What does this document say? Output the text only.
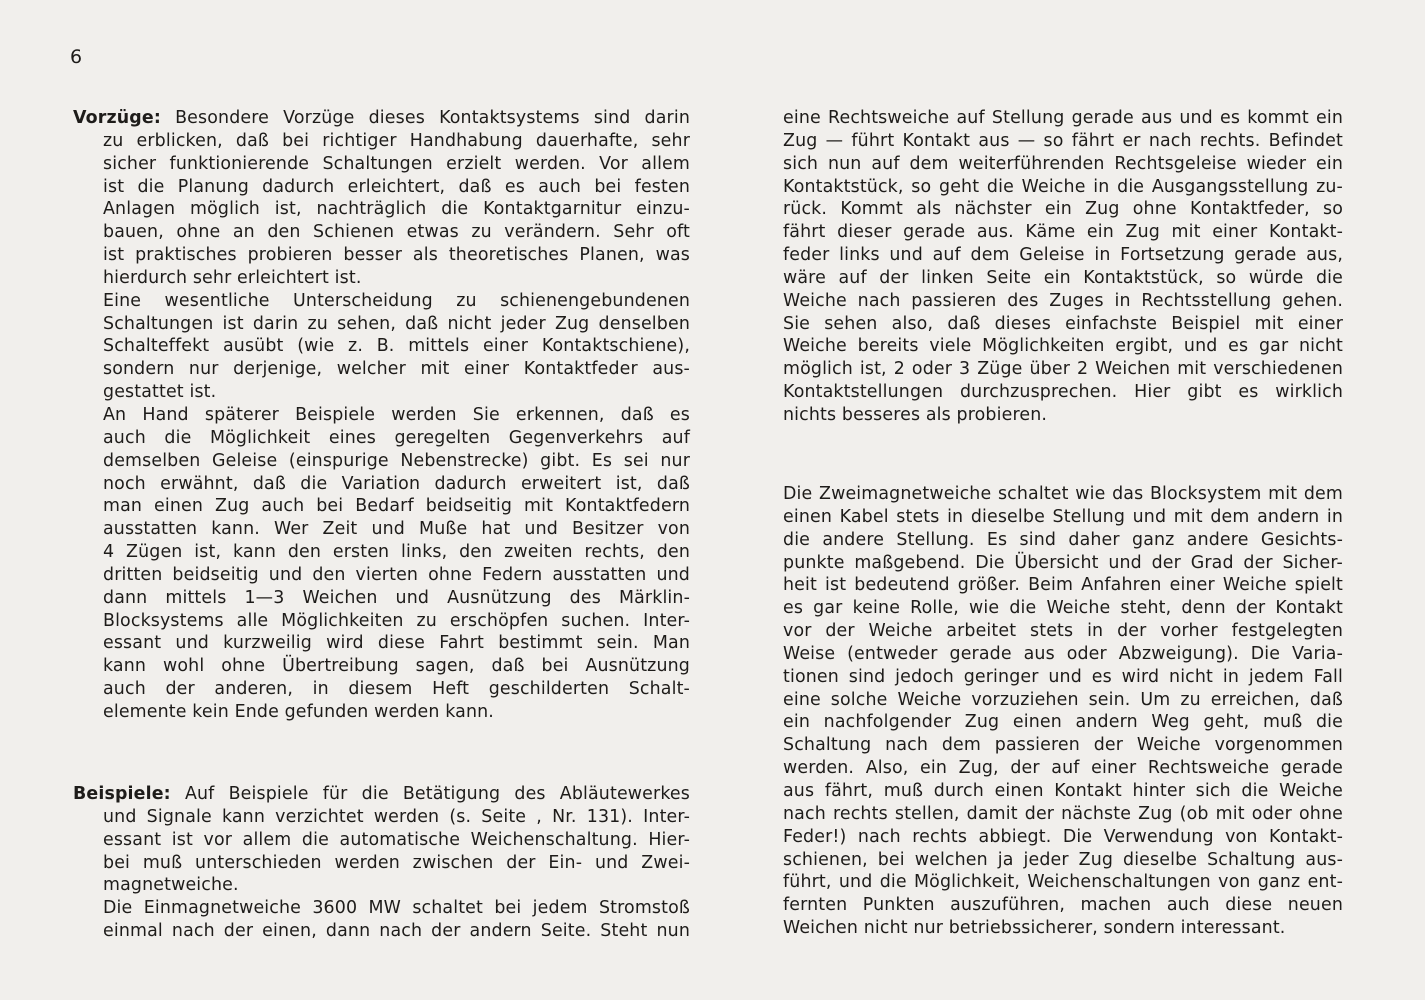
6
Vorzüge: Besondere Vorzüge dieses Kontaktsystems sind darin
zu erblicken, daß bei richtiger Handhabung dauerhafte, sehr
sicher funktionierende Schaltungen erzielt werden. Vor allem
ist die Planung dadurch erleichtert, daß es auch bei festen
Anlagen möglich ist, nachträglich die Kontaktgarnitur einzu-
bauen, ohne an den Schienen etwas zu verändern. Sehr oft
ist praktisches probieren besser als theoretisches Planen, was
hierdurch sehr erleichtert ist.
Eine wesentliche Unterscheidung zu schienengebundenen
Schaltungen ist darin zu sehen, daß nicht jeder Zug denselben
Schalteffekt ausübt (wie z. B. mittels einer Kontaktschiene),
sondern nur derjenige, welcher mit einer Kontaktfeder aus-
gestattet ist.
An Hand späterer Beispiele werden Sie erkennen, daß es
auch die Möglichkeit eines geregelten Gegenverkehrs auf
demselben Geleise (einspurige Nebenstrecke) gibt. Es sei nur
noch erwähnt, daß die Variation dadurch erweitert ist, daß
man einen Zug auch bei Bedarf beidseitig mit Kontaktfedern
ausstatten kann. Wer Zeit und Muße hat und Besitzer von
4 Zügen ist, kann den ersten links, den zweiten rechts, den
dritten beidseitig und den vierten ohne Federn ausstatten und
dann mittels 1—3 Weichen und Ausnützung des Märklin-
Blocksystems alle Möglichkeiten zu erschöpfen suchen. Inter-
essant und kurzweilig wird diese Fahrt bestimmt sein. Man
kann wohl ohne Übertreibung sagen, daß bei Ausnützung
auch der anderen, in diesem Heft geschilderten Schalt-
elemente kein Ende gefunden werden kann.
Beispiele: Auf Beispiele für die Betätigung des Abläutewerkes
und Signale kann verzichtet werden (s. Seite , Nr. 131). Inter-
essant ist vor allem die automatische Weichenschaltung. Hier-
bei muß unterschieden werden zwischen der Ein- und Zwei-
magnetweiche.
Die Einmagnetweiche 3600 MW schaltet bei jedem Stromstoß
einmal nach der einen, dann nach der andern Seite. Steht nun
eine Rechtsweiche auf Stellung gerade aus und es kommt ein
Zug — führt Kontakt aus — so fährt er nach rechts. Befindet
sich nun auf dem weiterführenden Rechtsgeleise wieder ein
Kontaktstück, so geht die Weiche in die Ausgangsstellung zu-
rück. Kommt als nächster ein Zug ohne Kontaktfeder, so
fährt dieser gerade aus. Käme ein Zug mit einer Kontakt-
feder links und auf dem Geleise in Fortsetzung gerade aus,
wäre auf der linken Seite ein Kontaktstück, so würde die
Weiche nach passieren des Zuges in Rechtsstellung gehen.
Sie sehen also, daß dieses einfachste Beispiel mit einer
Weiche bereits viele Möglichkeiten ergibt, und es gar nicht
möglich ist, 2 oder 3 Züge über 2 Weichen mit verschiedenen
Kontaktstellungen durchzusprechen. Hier gibt es wirklich
nichts besseres als probieren.
Die Zweimagnetweiche schaltet wie das Blocksystem mit dem
einen Kabel stets in dieselbe Stellung und mit dem andern in
die andere Stellung. Es sind daher ganz andere Gesichts-
punkte maßgebend. Die Übersicht und der Grad der Sicher-
heit ist bedeutend größer. Beim Anfahren einer Weiche spielt
es gar keine Rolle, wie die Weiche steht, denn der Kontakt
vor der Weiche arbeitet stets in der vorher festgelegten
Weise (entweder gerade aus oder Abzweigung). Die Varia-
tionen sind jedoch geringer und es wird nicht in jedem Fall
eine solche Weiche vorzuziehen sein. Um zu erreichen, daß
ein nachfolgender Zug einen andern Weg geht, muß die
Schaltung nach dem passieren der Weiche vorgenommen
werden. Also, ein Zug, der auf einer Rechtsweiche gerade
aus fährt, muß durch einen Kontakt hinter sich die Weiche
nach rechts stellen, damit der nächste Zug (ob mit oder ohne
Feder!) nach rechts abbiegt. Die Verwendung von Kontakt-
schienen, bei welchen ja jeder Zug dieselbe Schaltung aus-
führt, und die Möglichkeit, Weichenschaltungen von ganz ent-
fernten Punkten auszuführen, machen auch diese neuen
Weichen nicht nur betriebssicherer, sondern interessant.
